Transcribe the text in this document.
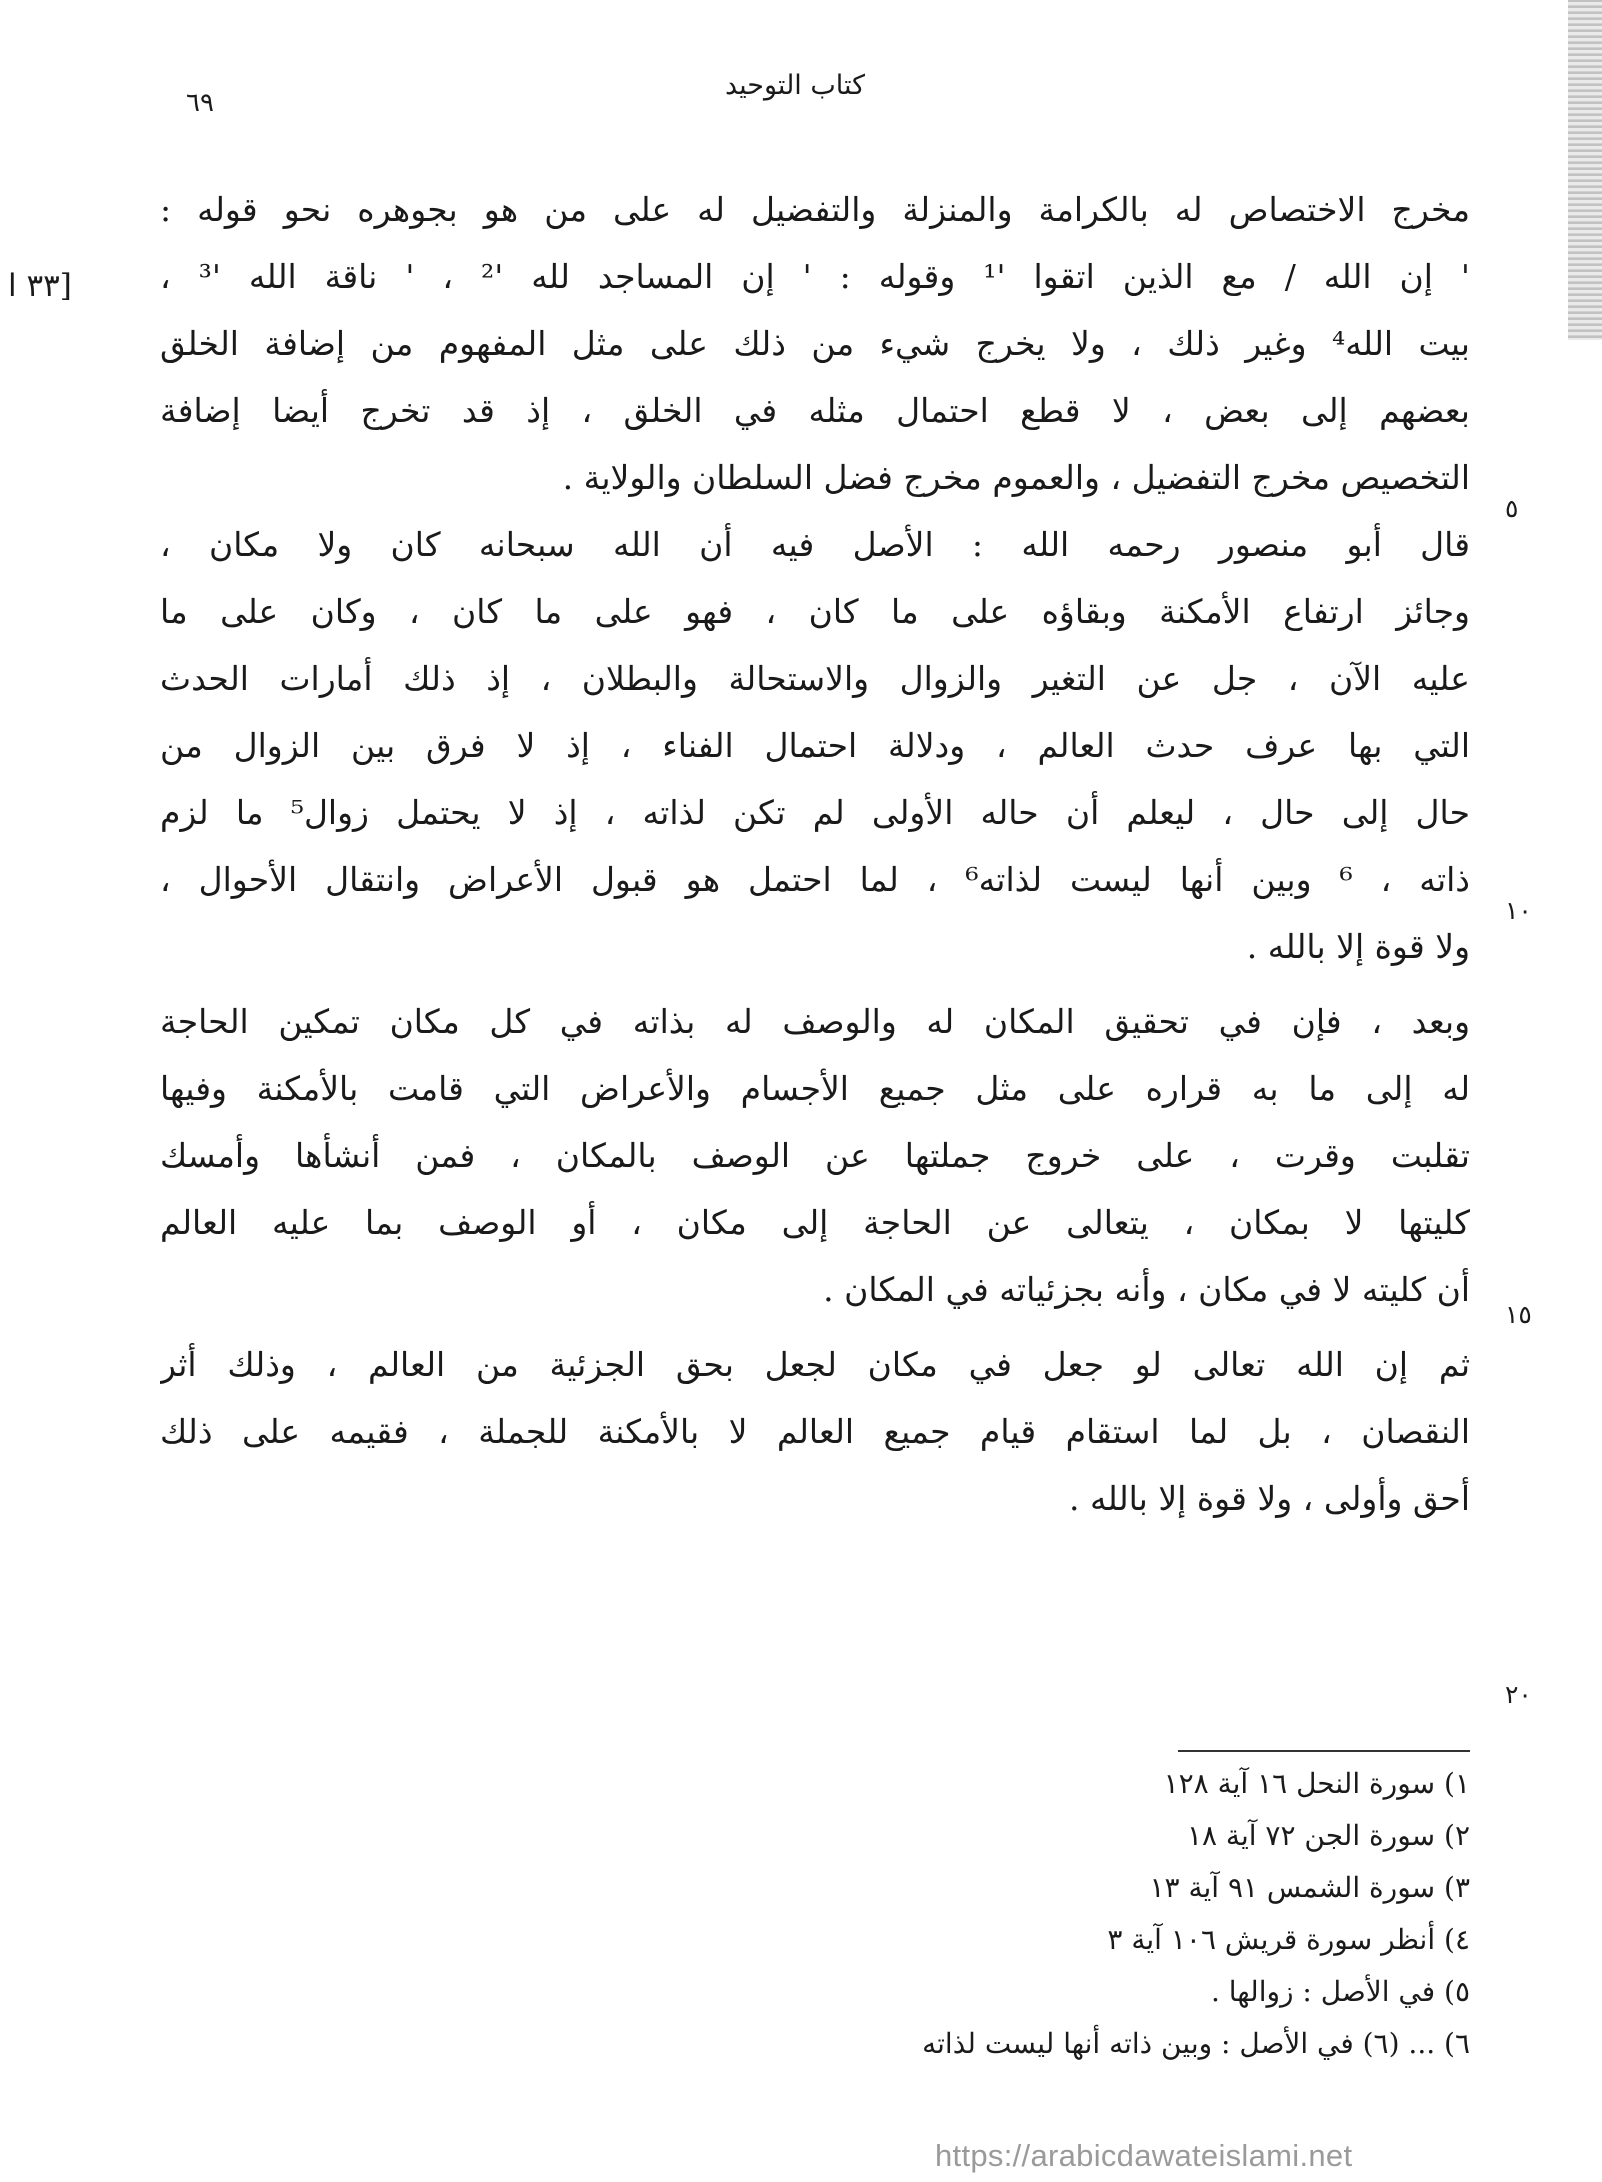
كتاب التوحيد
٦٩
[٣٣ ا
مخرج الاختصاص له بالكرامة والمنزلة والتفضيل له على من هو بجوهره نحو قوله :
' إن الله / مع الذين اتقوا '¹ وقوله : ' إن المساجد لله '² ، ' ناقة الله '³ ،
بيت الله⁴ وغير ذلك ، ولا يخرج شيء من ذلك على مثل المفهوم من إضافة الخلق
بعضهم إلى بعض ، لا قطع احتمال مثله في الخلق ، إذ قد تخرج أيضا إضافة
التخصيص مخرج التفضيل ، والعموم مخرج فضل السلطان والولاية .
قال أبو منصور رحمه الله : الأصل فيه أن الله سبحانه كان ولا مكان ،
وجائز ارتفاع الأمكنة وبقاؤه على ما كان ، فهو على ما كان ، وكان على ما
عليه الآن ، جل عن التغير والزوال والاستحالة والبطلان ، إذ ذلك أمارات الحدث
التي بها عرف حدث العالم ، ودلالة احتمال الفناء ، إذ لا فرق بين الزوال من
حال إلى حال ، ليعلم أن حاله الأولى لم تكن لذاته ، إذ لا يحتمل زوال⁵ ما لزم
ذاته ، ⁶ وبين أنها ليست لذاته⁶ ، لما احتمل هو قبول الأعراض وانتقال الأحوال ،
ولا قوة إلا بالله .
وبعد ، فإن في تحقيق المكان له والوصف له بذاته في كل مكان تمكين الحاجة
له إلى ما به قراره على مثل جميع الأجسام والأعراض التي قامت بالأمكنة وفيها
تقلبت وقرت ، على خروج جملتها عن الوصف بالمكان ، فمن أنشأها وأمسك
كليتها لا بمكان ، يتعالى عن الحاجة إلى مكان ، أو الوصف بما عليه العالم
أن كليته لا في مكان ، وأنه بجزئياته في المكان .
ثم إن الله تعالى لو جعل في مكان لجعل بحق الجزئية من العالم ، وذلك أثر
النقصان ، بل لما استقام قيام جميع العالم لا بالأمكنة للجملة ، فقيمه على ذلك
أحق وأولى ، ولا قوة إلا بالله .
٥
١٠
١٥
٢٠
١) سورة النحل ١٦ آية ١٢٨
٢) سورة الجن ٧٢ آية ١٨
٣) سورة الشمس ٩١ آية ١٣
٤) أنظر سورة قريش ١٠٦ آية ٣
٥) في الأصل : زوالها .
٦) ... (٦) في الأصل : وبين ذاته أنها ليست لذاته
https://arabicdawateislami.net
